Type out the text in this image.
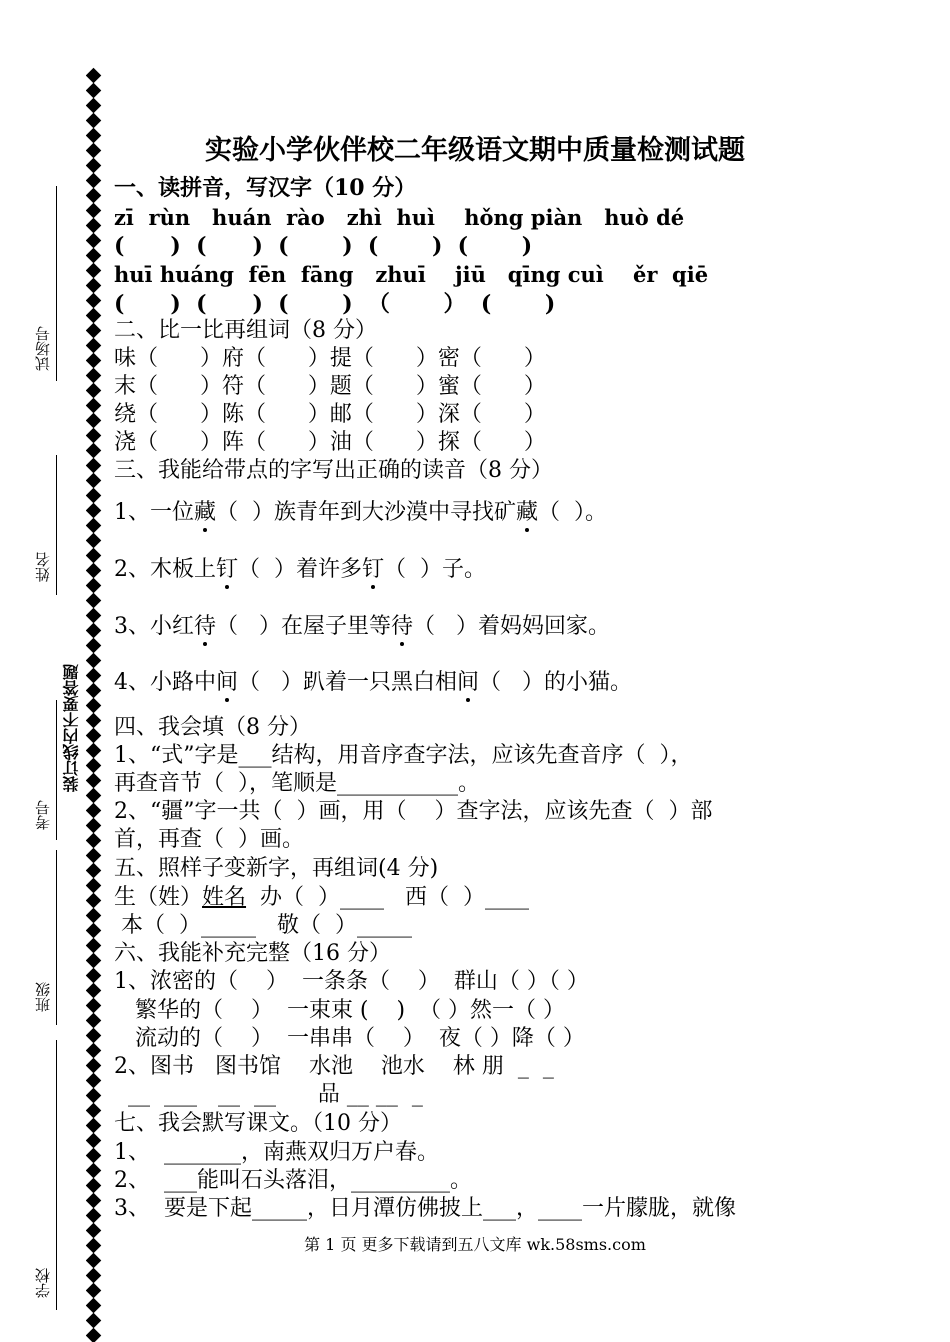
试场号
姓名
考号
班级
学校
装订线内不要答题
实验小学伙伴校二年级语文期中质量检测试题
一、读拼音，写汉字（10 分）
zī  rùn   huán  rào   zhì  huì    hǒng piàn   huò dé
(      )  (      )  (       )  (       )  (       )
huī huáng  fēn  fāng   zhuī    jiū   qīng cuì    ěr  qiē
(      )  (      )  (       )  （       ）  (       )
二、比一比再组词（8 分）
味（      ）府（      ）提（      ）密（      ）
末（      ）符（      ）题（      ）蜜（      ）
绕（      ）陈（      ）邮（      ）深（      ）
浇（      ）阵（      ）油（      ）探（      ）
三、我能给带点的字写出正确的读音（8 分）
1、一位藏（  ）族青年到大沙漠中寻找矿藏（  ）。
2、木板上钉（  ）着许多钉（  ）子。
3、小红待（   ）在屋子里等待（   ）着妈妈回家。
4、小路中间（   ）趴着一只黑白相间（   ）的小猫。
四、我会填（8 分）
1、“式”字是___结构，用音序查字法，应该先查音序（  ），
再查音节（  ），笔顺是___________。
2、“疆”字一共（  ）画，用（    ）查字法，应该先查（  ）部
首，再查（  ）画。
五、照样子变新字，再组词(4 分)
生（姓）姓名  办（  ）____   西（  ）____
本（  ）_____   敬（  ）_____
六、我能补充完整（16 分）
1、浓密的（    ）  一条条（    ）  群山（ ）（ ）
繁华的（    ）  一束束 (    )  （ ）然一（ ）
流动的（    ）  一串串（    ）  夜（ ）降（ ）
2、图书   图书馆    水池    池水    林 朋  _  _
__  ___   __  __      品 __ __  _
七、我会默写课文。（10 分）
1、  _______，南燕双归万户春。
2、  ___能叫石头落泪，_________。
3、  要是下起_____，日月潭仿佛披上___，____一片朦胧，就像
第 1 页 更多下载请到五八文库 wk.58sms.com
